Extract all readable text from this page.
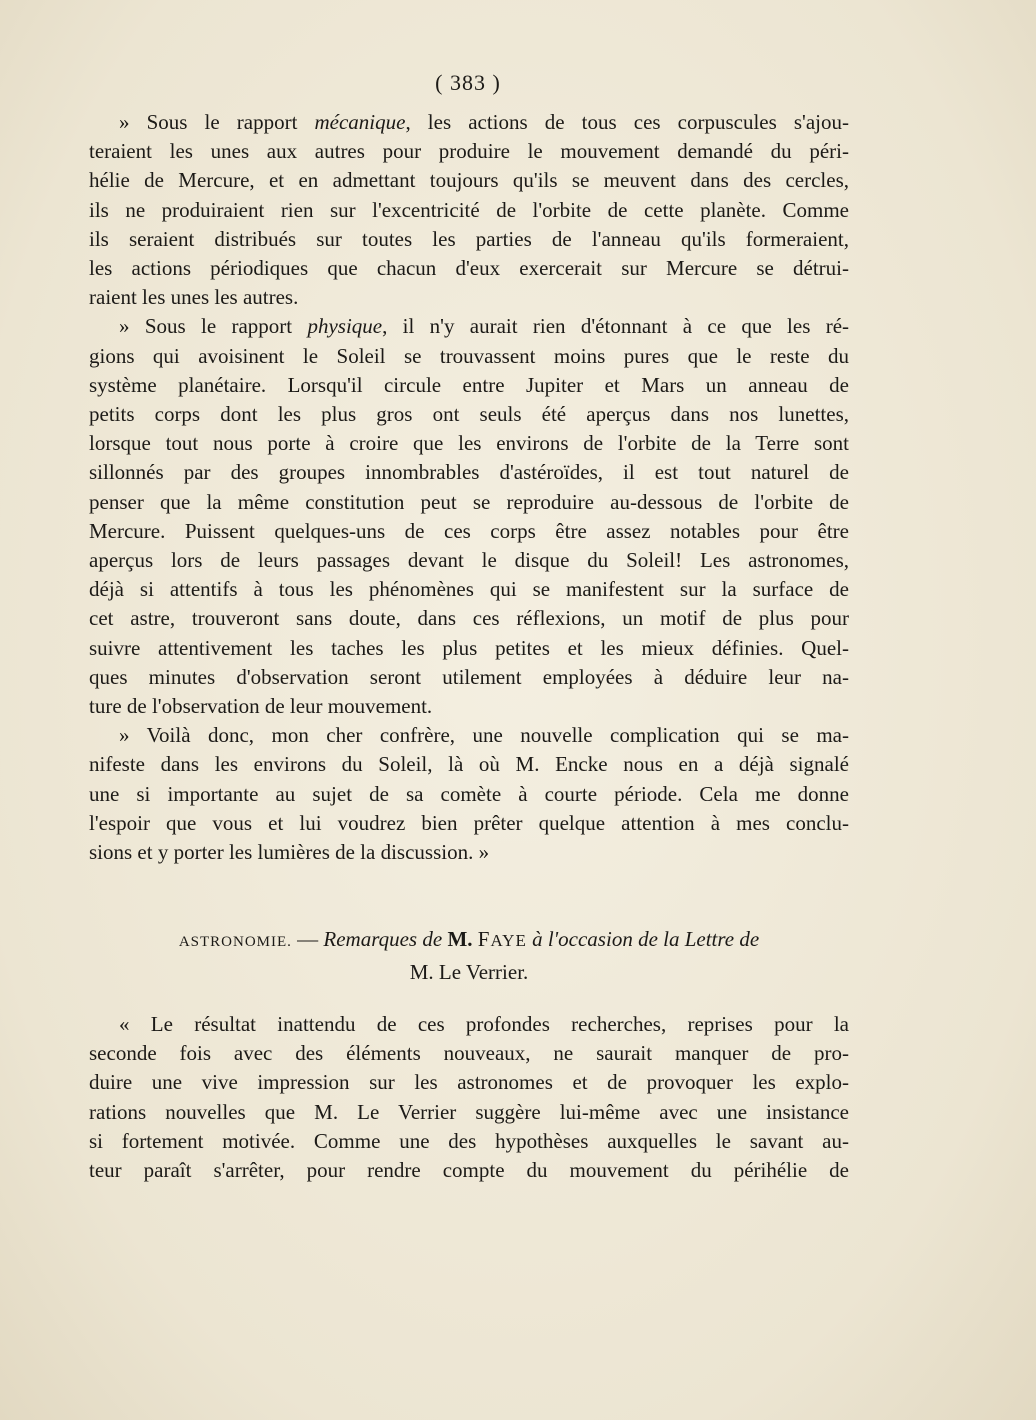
( 383 )
» Sous le rapport mécanique, les actions de tous ces corpuscules s'ajou-
teraient les unes aux autres pour produire le mouvement demandé du péri-
hélie de Mercure, et en admettant toujours qu'ils se meuvent dans des cercles,
ils ne produiraient rien sur l'excentricité de l'orbite de cette planète. Comme
ils seraient distribués sur toutes les parties de l'anneau qu'ils formeraient,
les actions périodiques que chacun d'eux exercerait sur Mercure se détrui-
raient les unes les autres.
» Sous le rapport physique, il n'y aurait rien d'étonnant à ce que les ré-
gions qui avoisinent le Soleil se trouvassent moins pures que le reste du
système planétaire. Lorsqu'il circule entre Jupiter et Mars un anneau de
petits corps dont les plus gros ont seuls été aperçus dans nos lunettes,
lorsque tout nous porte à croire que les environs de l'orbite de la Terre sont
sillonnés par des groupes innombrables d'astéroïdes, il est tout naturel de
penser que la même constitution peut se reproduire au-dessous de l'orbite de
Mercure. Puissent quelques-uns de ces corps être assez notables pour être
aperçus lors de leurs passages devant le disque du Soleil! Les astronomes,
déjà si attentifs à tous les phénomènes qui se manifestent sur la surface de
cet astre, trouveront sans doute, dans ces réflexions, un motif de plus pour
suivre attentivement les taches les plus petites et les mieux définies. Quel-
ques minutes d'observation seront utilement employées à déduire leur na-
ture de l'observation de leur mouvement.
» Voilà donc, mon cher confrère, une nouvelle complication qui se ma-
nifeste dans les environs du Soleil, là où M. Encke nous en a déjà signalé
une si importante au sujet de sa comète à courte période. Cela me donne
l'espoir que vous et lui voudrez bien prêter quelque attention à mes conclu-
sions et y porter les lumières de la discussion. »
ASTRONOMIE. — Remarques de M. FAYE à l'occasion de la Lettre de
M. Le Verrier.
« Le résultat inattendu de ces profondes recherches, reprises pour la
seconde fois avec des éléments nouveaux, ne saurait manquer de pro-
duire une vive impression sur les astronomes et de provoquer les explo-
rations nouvelles que M. Le Verrier suggère lui-même avec une insistance
si fortement motivée. Comme une des hypothèses auxquelles le savant au-
teur paraît s'arrêter, pour rendre compte du mouvement du périhélie de
